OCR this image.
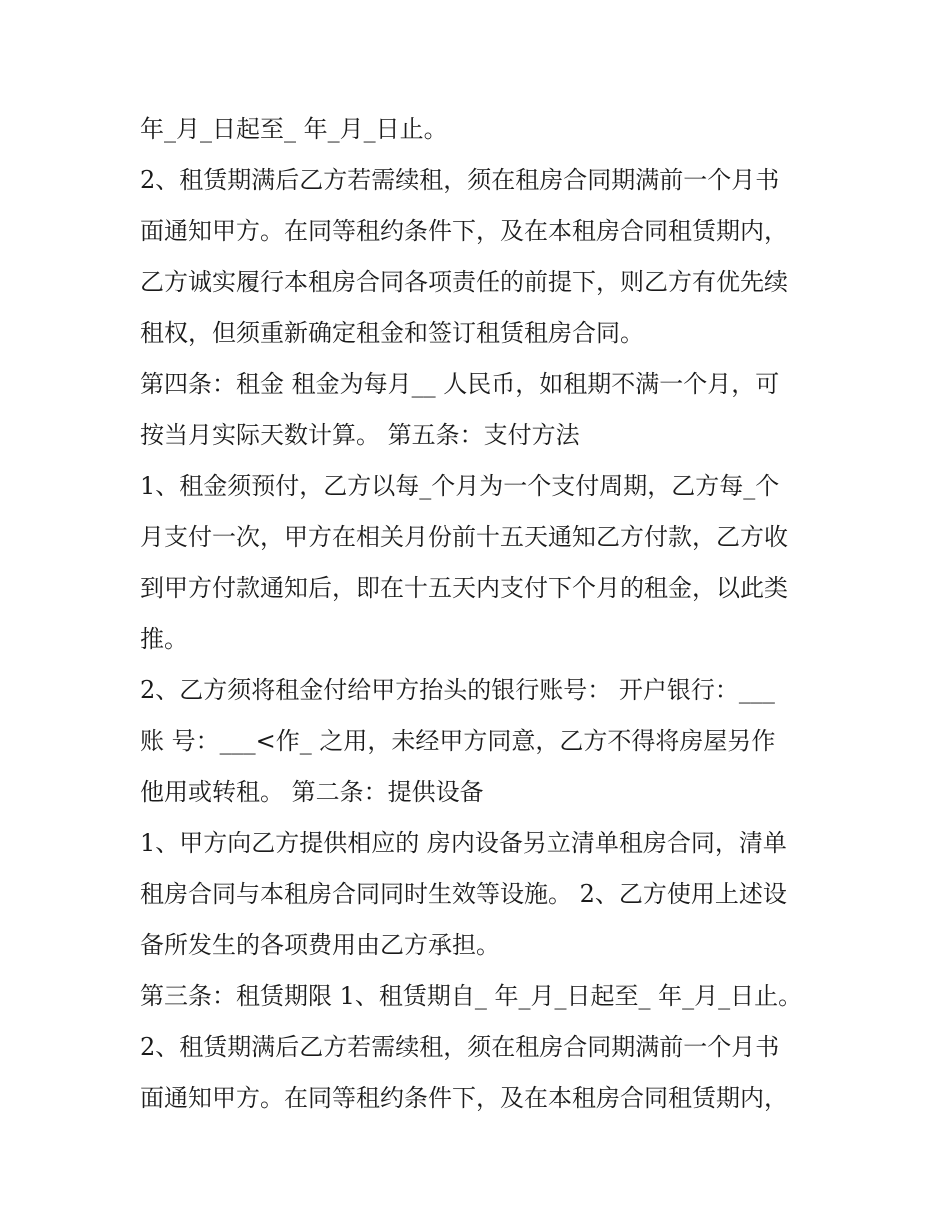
年_月_日起至_ 年_月_日止。
2、租赁期满后乙方若需续租，须在租房合同期满前一个月书
面通知甲方。在同等租约条件下，及在本租房合同租赁期内，
乙方诚实履行本租房合同各项责任的前提下，则乙方有优先续
租权，但须重新确定租金和签订租赁租房合同。
第四条：租金 租金为每月__ 人民币，如租期不满一个月，可
按当月实际天数计算。 第五条：支付方法
1、租金须预付，乙方以每_个月为一个支付周期，乙方每_个
月支付一次，甲方在相关月份前十五天通知乙方付款，乙方收
到甲方付款通知后，即在十五天内支付下个月的租金，以此类
推。
2、乙方须将租金付给甲方抬头的银行账号： 开户银行：___
账 号：___<作_ 之用，未经甲方同意，乙方不得将房屋另作
他用或转租。 第二条：提供设备
1、甲方向乙方提供相应的 房内设备另立清单租房合同，清单
租房合同与本租房合同同时生效等设施。 2、乙方使用上述设
备所发生的各项费用由乙方承担。
第三条：租赁期限 1、租赁期自_ 年_月_日起至_ 年_月_日止。
2、租赁期满后乙方若需续租，须在租房合同期满前一个月书
面通知甲方。在同等租约条件下，及在本租房合同租赁期内，
